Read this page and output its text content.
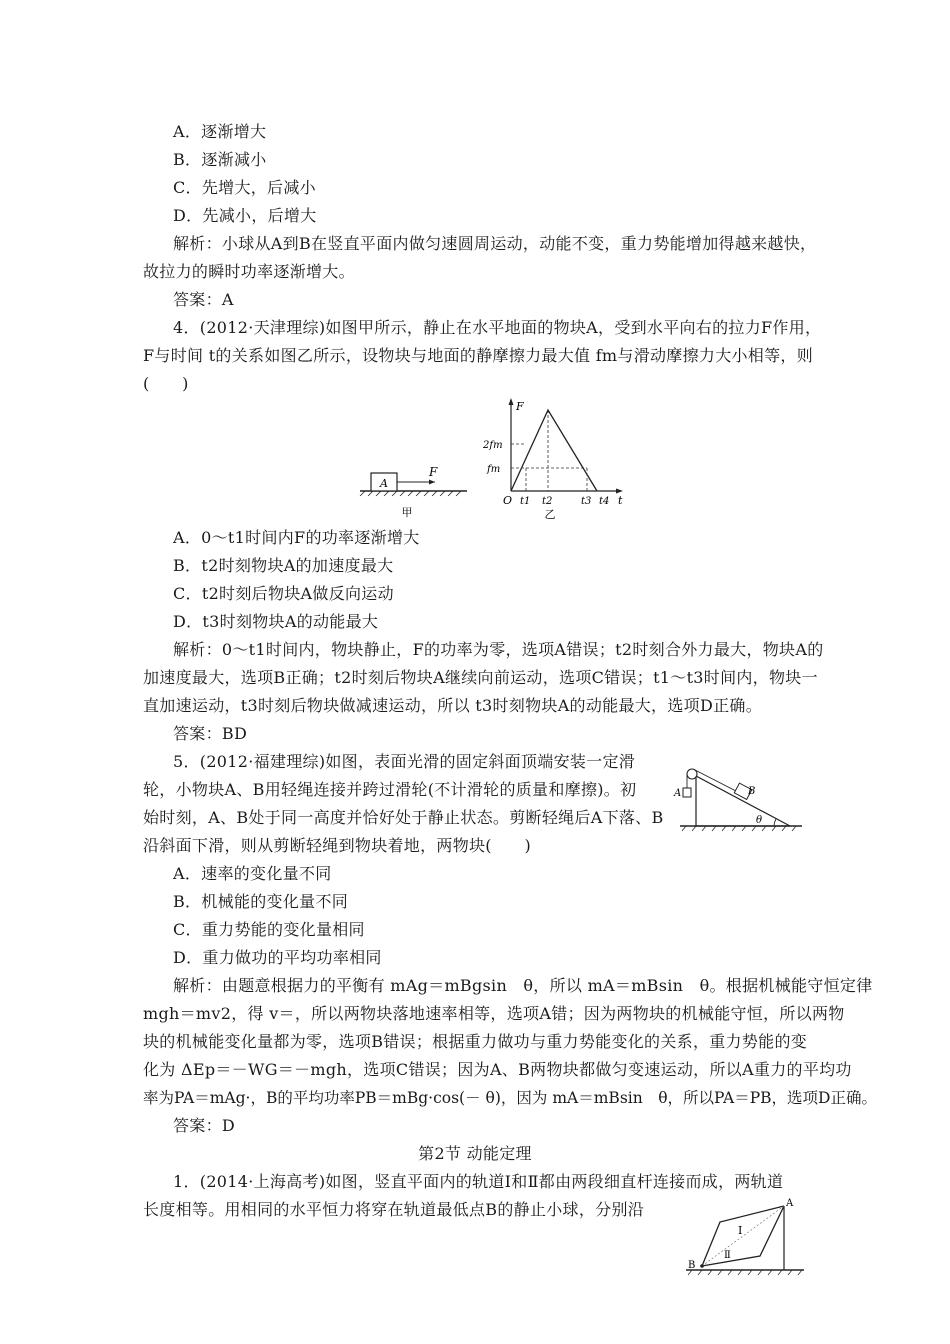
A．逐渐增大
B．逐渐减小
C．先增大，后减小
D．先减小，后增大
解析：小球从A到B在竖直平面内做匀速圆周运动，动能不变，重力势能增加得越来越快，
故拉力的瞬时功率逐渐增大。
答案：A
4．(2012·天津理综)如图甲所示，静止在水平地面的物块A，受到水平向右的拉力F作用，
F与时间 t的关系如图乙所示，设物块与地面的静摩擦力最大值 fm与滑动摩擦力大小相等，则
(　　)
A
F
甲
F
t
O
2fm
fm
t1 t2	t3 t4
乙
A．0～t1时间内F的功率逐渐增大
B．t2时刻物块A的加速度最大
C．t2时刻后物块A做反向运动
D．t3时刻物块A的动能最大
解析：0～t1时间内，物块静止，F的功率为零，选项A错误；t2时刻合外力最大，物块A的
加速度最大，选项B正确；t2时刻后物块A继续向前运动，选项C错误；t1～t3时间内，物块一
直加速运动，t3时刻后物块做减速运动，所以 t3时刻物块A的动能最大，选项D正确。
答案：BD
5．(2012·福建理综)如图，表面光滑的固定斜面顶端安装一定滑
轮，小物块A、B用轻绳连接并跨过滑轮(不计滑轮的质量和摩擦)。初
始时刻，A、B处于同一高度并恰好处于静止状态。剪断轻绳后A下落、B
沿斜面下滑，则从剪断轻绳到物块着地，两物块(　　)
A	B
θ
A．速率的变化量不同
B．机械能的变化量不同
C．重力势能的变化量相同
D．重力做功的平均功率相同
解析：由题意根据力的平衡有 mAg＝mBgsin　θ，所以 mA＝mBsin　θ。根据机械能守恒定律
mgh＝mv2，得 v＝，所以两物块落地速率相等，选项A错；因为两物块的机械能守恒，所以两物
块的机械能变化量都为零，选项B错误；根据重力做功与重力势能变化的关系，重力势能的变
化为 ΔEp＝－WG＝－mgh，选项C错误；因为A、B两物块都做匀变速运动，所以A重力的平均功
率为PA＝mAg·，B的平均功率PB＝mBg·cos(－ θ)，因为 mA＝mBsin　θ，所以PA＝PB，选项D正确。
答案：D
第2节 动能定理
1．(2014·上海高考)如图，竖直平面内的轨道Ⅰ和Ⅱ都由两段细直杆连接而成，两轨道
长度相等。用相同的水平恒力将穿在轨道最低点B的静止小球，分别沿	A
B
Ⅰ
Ⅱ
